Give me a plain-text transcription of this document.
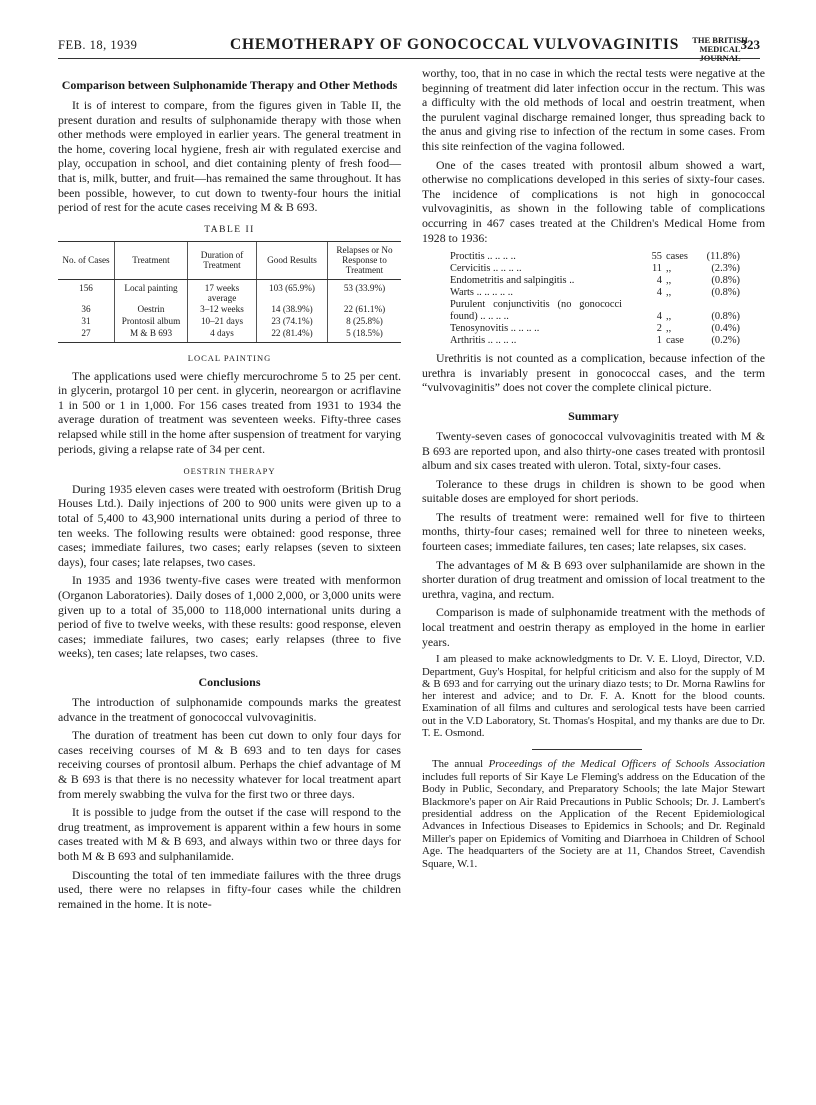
FEB. 18, 1939	CHEMOTHERAPY OF GONOCOCCAL VULVOVAGINITIS	THE BRITISH
MEDICAL JOURNAL
323
Comparison between Sulphonamide Therapy and Other Methods

It is of interest to compare, from the figures given in Table II, the present duration and results of sulphonamide therapy with those when other methods were employed in earlier years. The general treatment in the home, covering local hygiene, fresh air with regulated exercise and play, occupation in school, and diet containing plenty of fresh food—that is, milk, butter, and fruit—has remained the same throughout. It has been possible, however, to cut down to twenty-four hours the initial period of rest for the acute cases receiving M & B 693.

TABLE II
No. of Cases	Treatment	Duration of Treatment	Good Results	Relapses or No Response to Treatment
156	Local painting	17 weeks average	103 (65.9%)	53 (33.9%)
36	Oestrin	3–12 weeks	14 (38.9%)	22 (61.1%)
31	Prontosil album	10–21 days	23 (74.1%)	8 (25.8%)
27	M & B 693	4 days	22 (81.4%)	5 (18.5%)
LOCAL PAINTING

The applications used were chiefly mercurochrome 5 to 25 per cent. in glycerin, protargol 10 per cent. in glycerin, neoreargon or acriflavine 1 in 500 or 1 in 1,000. For 156 cases treated from 1931 to 1934 the average duration of treatment was seventeen weeks. Fifty-three cases relapsed while still in the home after suspension of treatment for varying periods, giving a relapse rate of 34 per cent.

OESTRIN THERAPY

During 1935 eleven cases were treated with oestroform (British Drug Houses Ltd.). Daily injections of 200 to 900 units were given up to a total of 5,400 to 43,900 international units during a period of three to ten weeks. The following results were obtained: good response, three cases; immediate failures, two cases; early relapses (seven to sixteen days), four cases; late relapses, two cases.

In 1935 and 1936 twenty-five cases were treated with menformon (Organon Laboratories). Daily doses of 1,000 2,000, or 3,000 units were given up to a total of 35,000 to 118,000 international units during a period of five to twelve weeks, with these results: good response, eleven cases; immediate failures, two cases; early relapses (three to five weeks), ten cases; late relapses, two cases.

Conclusions

The introduction of sulphonamide compounds marks the greatest advance in the treatment of gonococcal vulvovaginitis.

The duration of treatment has been cut down to only four days for cases receiving courses of M & B 693 and to ten days for cases receiving courses of prontosil album. Perhaps the chief advantage of M & B 693 is that there is no necessity whatever for local treatment apart from merely swabbing the vulva for the first two or three days.

It is possible to judge from the outset if the case will respond to the drug treatment, as improvement is apparent within a few hours in some cases treated with M & B 693, and always within two or three days for both M & B 693 and sulphanilamide.

Discounting the total of ten immediate failures with the three drugs used, there were no relapses in fifty-four cases while the children remained in the home. It is note-

worthy, too, that in no case in which the rectal tests were negative at the beginning of treatment did later infection occur in the rectum. This was a difficulty with the old methods of local and oestrin treatment, when the purulent vaginal discharge remained longer, thus spreading back to the anus and giving rise to infection of the rectum in some cases. From this site reinfection of the vagina followed.

One of the cases treated with prontosil album showed a wart, otherwise no complications developed in this series of sixty-four cases. The incidence of complications is not high in gonococcal vulvovaginitis, as shown in the following table of complications occurring in 467 cases treated at the Children's Medical Home from 1928 to 1936:

Proctitis .. .. .. ..	55	cases	(11.8%)
Cervicitis .. .. .. ..	11	,,	(2.3%)
Endometritis and salpingitis ..	4	,,	(0.8%)
Warts .. .. .. .. ..	4	,,	(0.8%)
Purulent conjunctivitis (no gonococci found) .. .. .. ..	4	,,	(0.8%)
Tenosynovitis .. .. .. ..	2	,,	(0.4%)
Arthritis .. .. .. ..	1	case	(0.2%)

Urethritis is not counted as a complication, because infection of the urethra is invariably present in gonococcal cases, and the term “vulvovaginitis” does not cover the complete clinical picture.

Summary

Twenty-seven cases of gonococcal vulvovaginitis treated with M & B 693 are reported upon, and also thirty-one cases treated with prontosil album and six cases treated with uleron. Total, sixty-four cases.

Tolerance to these drugs in children is shown to be good when suitable doses are employed for short periods.

The results of treatment were: remained well for five to thirteen months, thirty-four cases; remained well for three to nineteen weeks, fourteen cases; immediate failures, ten cases; late relapses, six cases.

The advantages of M & B 693 over sulphanilamide are shown in the shorter duration of drug treatment and omission of local treatment to the urethra, vagina, and rectum.

Comparison is made of sulphonamide treatment with the methods of local treatment and oestrin therapy as employed in the home in earlier years.

I am pleased to make acknowledgments to Dr. V. E. Lloyd, Director, V.D. Department, Guy's Hospital, for helpful criticism and also for the supply of M & B 693 and for carrying out the urinary diazo tests; to Dr. Morna Rawlins for her interest and advice; and to Dr. F. A. Knott for the blood counts. Examination of all films and cultures and serological tests have been carried out in the V.D Laboratory, St. Thomas's Hospital, and my thanks are due to Dr. T. E. Osmond.

The annual Proceedings of the Medical Officers of Schools Association includes full reports of Sir Kaye Le Fleming's address on the Education of the Body in Public, Secondary, and Preparatory Schools; the late Major Stewart Blackmore's paper on Air Raid Precautions in Public Schools; Dr. J. Lambert's presidential address on the Application of the Recent Epidemiological Advances in Infectious Diseases to Epidemics in Schools; and Dr. Reginald Miller's paper on Epidemics of Vomiting and Diarrhoea in Children of School Age. The headquarters of the Society are at 11, Chandos Street, Cavendish Square, W.1.
